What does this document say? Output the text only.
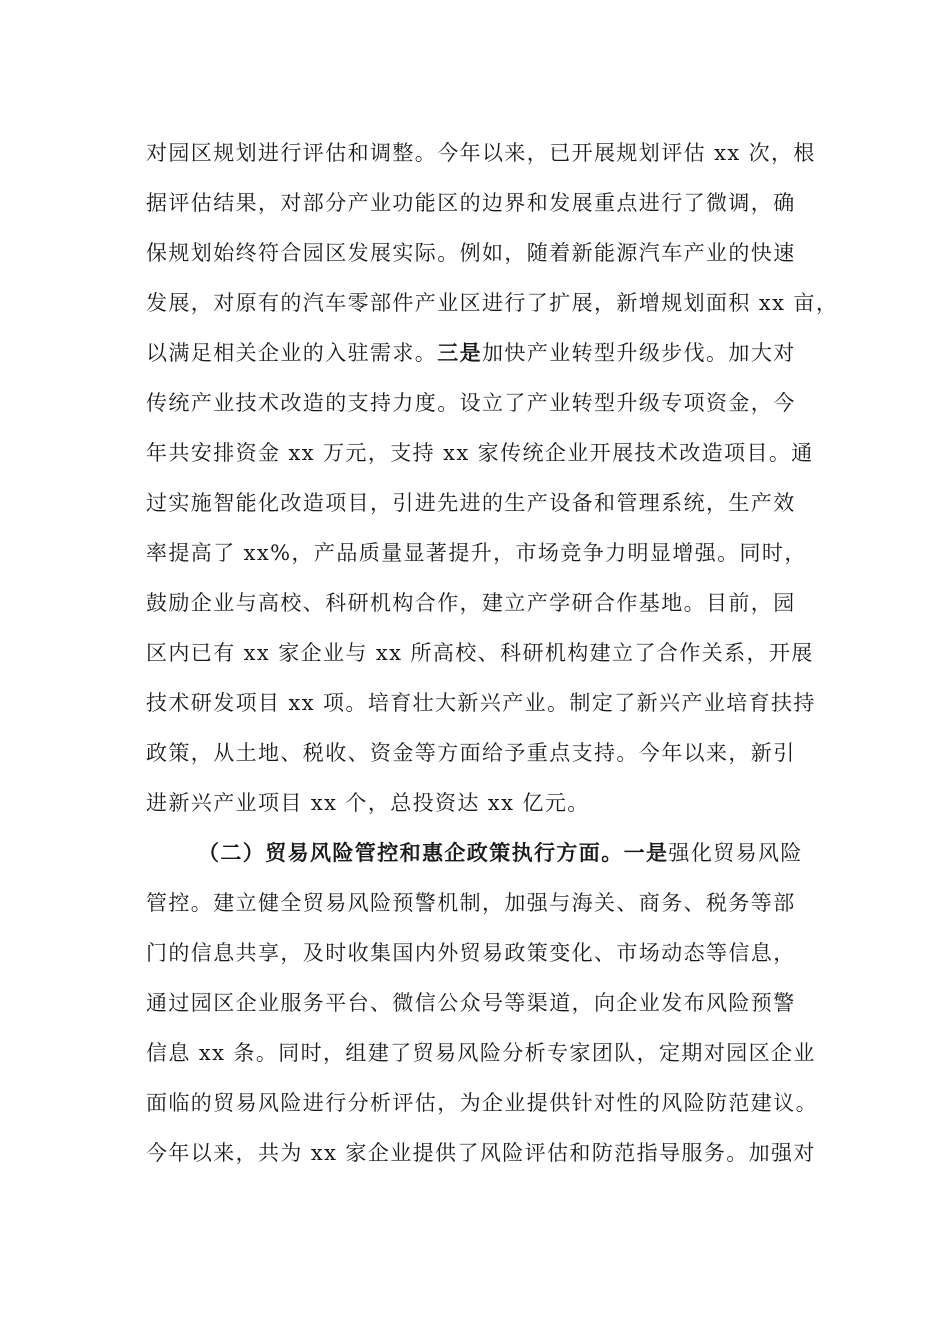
对园区规划进行评估和调整。今年以来，已开展规划评估 xx 次，根
据评估结果，对部分产业功能区的边界和发展重点进行了微调，确
保规划始终符合园区发展实际。例如，随着新能源汽车产业的快速
发展，对原有的汽车零部件产业区进行了扩展，新增规划面积 xx 亩，
以满足相关企业的入驻需求。三是加快产业转型升级步伐。加大对
传统产业技术改造的支持力度。设立了产业转型升级专项资金，今
年共安排资金 xx 万元，支持 xx 家传统企业开展技术改造项目。通
过实施智能化改造项目，引进先进的生产设备和管理系统，生产效
率提高了 xx%，产品质量显著提升，市场竞争力明显增强。同时，
鼓励企业与高校、科研机构合作，建立产学研合作基地。目前，园
区内已有 xx 家企业与 xx 所高校、科研机构建立了合作关系，开展
技术研发项目 xx 项。培育壮大新兴产业。制定了新兴产业培育扶持
政策，从土地、税收、资金等方面给予重点支持。今年以来，新引
进新兴产业项目 xx 个，总投资达 xx 亿元。
（二）贸易风险管控和惠企政策执行方面。一是强化贸易风险
管控。建立健全贸易风险预警机制，加强与海关、商务、税务等部
门的信息共享，及时收集国内外贸易政策变化、市场动态等信息，
通过园区企业服务平台、微信公众号等渠道，向企业发布风险预警
信息 xx 条。同时，组建了贸易风险分析专家团队，定期对园区企业
面临的贸易风险进行分析评估，为企业提供针对性的风险防范建议。
今年以来，共为 xx 家企业提供了风险评估和防范指导服务。加强对
